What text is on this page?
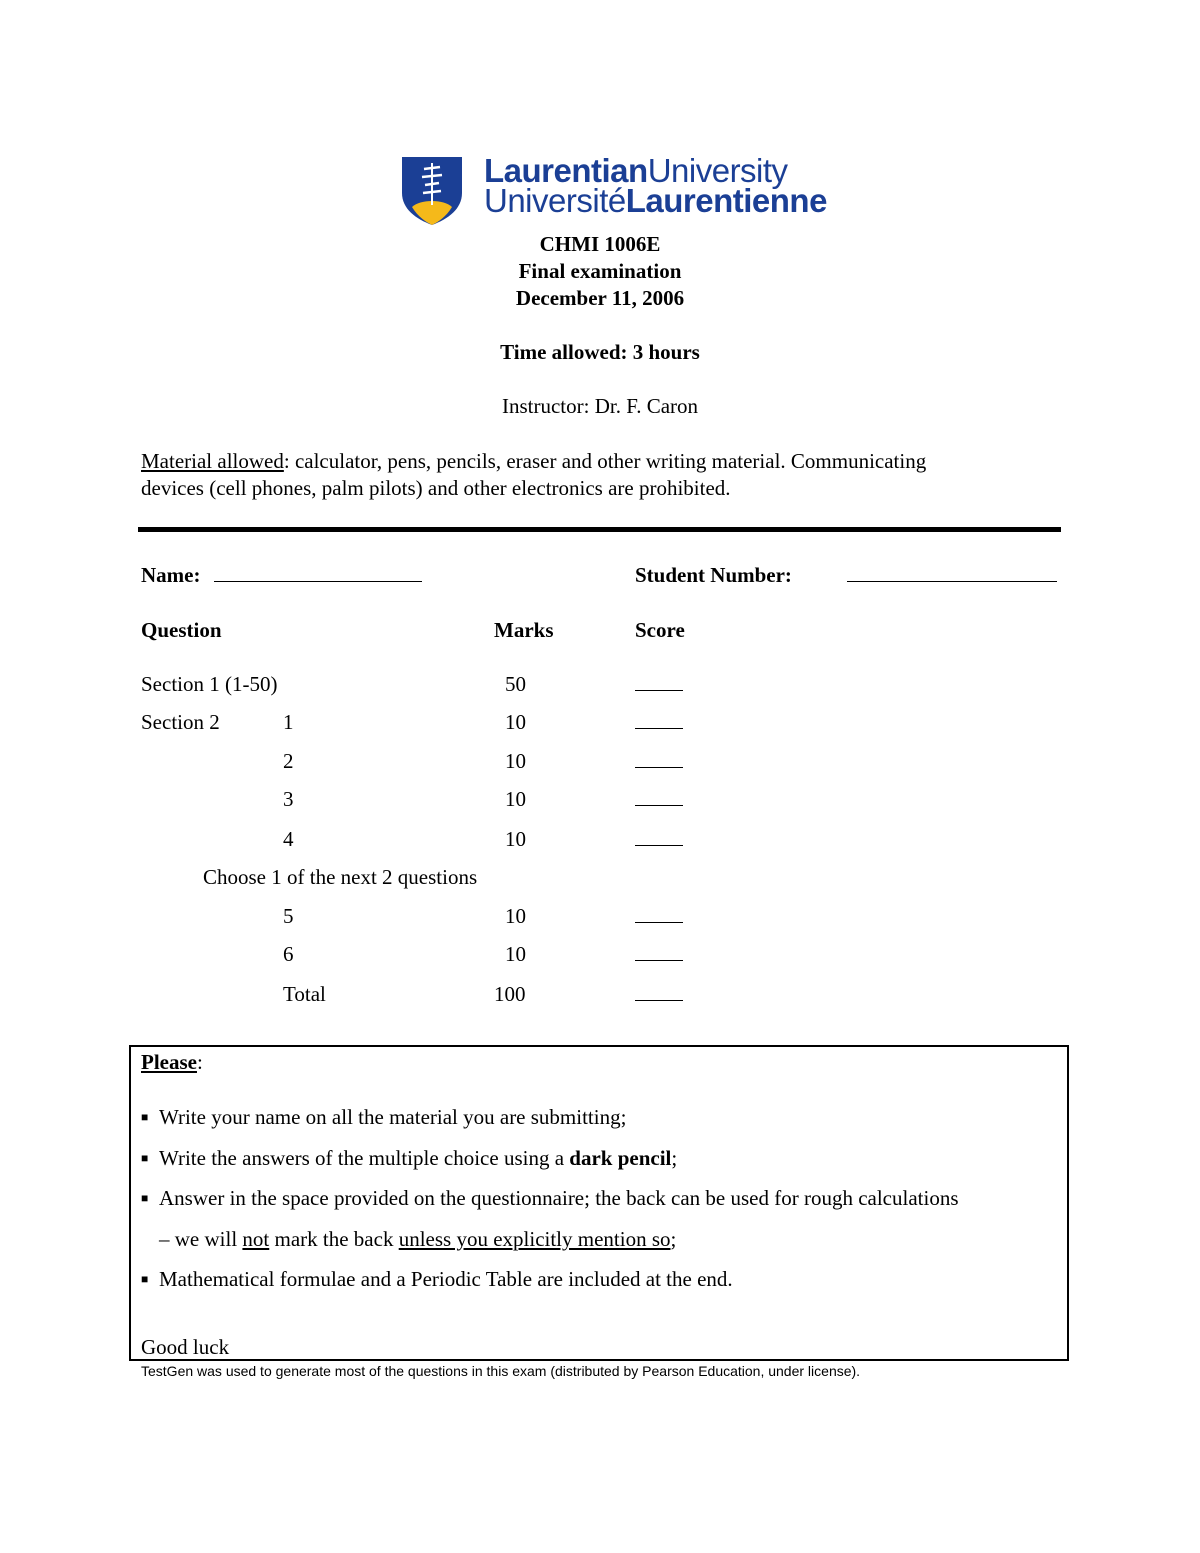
LaurentianUniversity
UniversitéLaurentienne
CHMI 1006E
Final examination
December 11, 2006
Time allowed: 3 hours
Instructor: Dr. F. Caron
Material allowed: calculator, pens, pencils, eraser and other writing material. Communicating
devices (cell phones, palm pilots) and other electronics are prohibited.
Name:	Student Number:
Question	Marks	Score
Section 1 (1-50)	50
Section 2	1	10
2	10
3	10
4	10
Choose 1 of the next 2 questions
5	10
6	10
Total	100
Please:
■ Write your name on all the material you are submitting;
■ Write the answers of the multiple choice using a dark pencil;
■ Answer in the space provided on the questionnaire; the back can be used for rough calculations
– we will not mark the back unless you explicitly mention so;
■ Mathematical formulae and a Periodic Table are included at the end.
Good luck
TestGen was used to generate most of the questions in this exam (distributed by Pearson Education, under license).
